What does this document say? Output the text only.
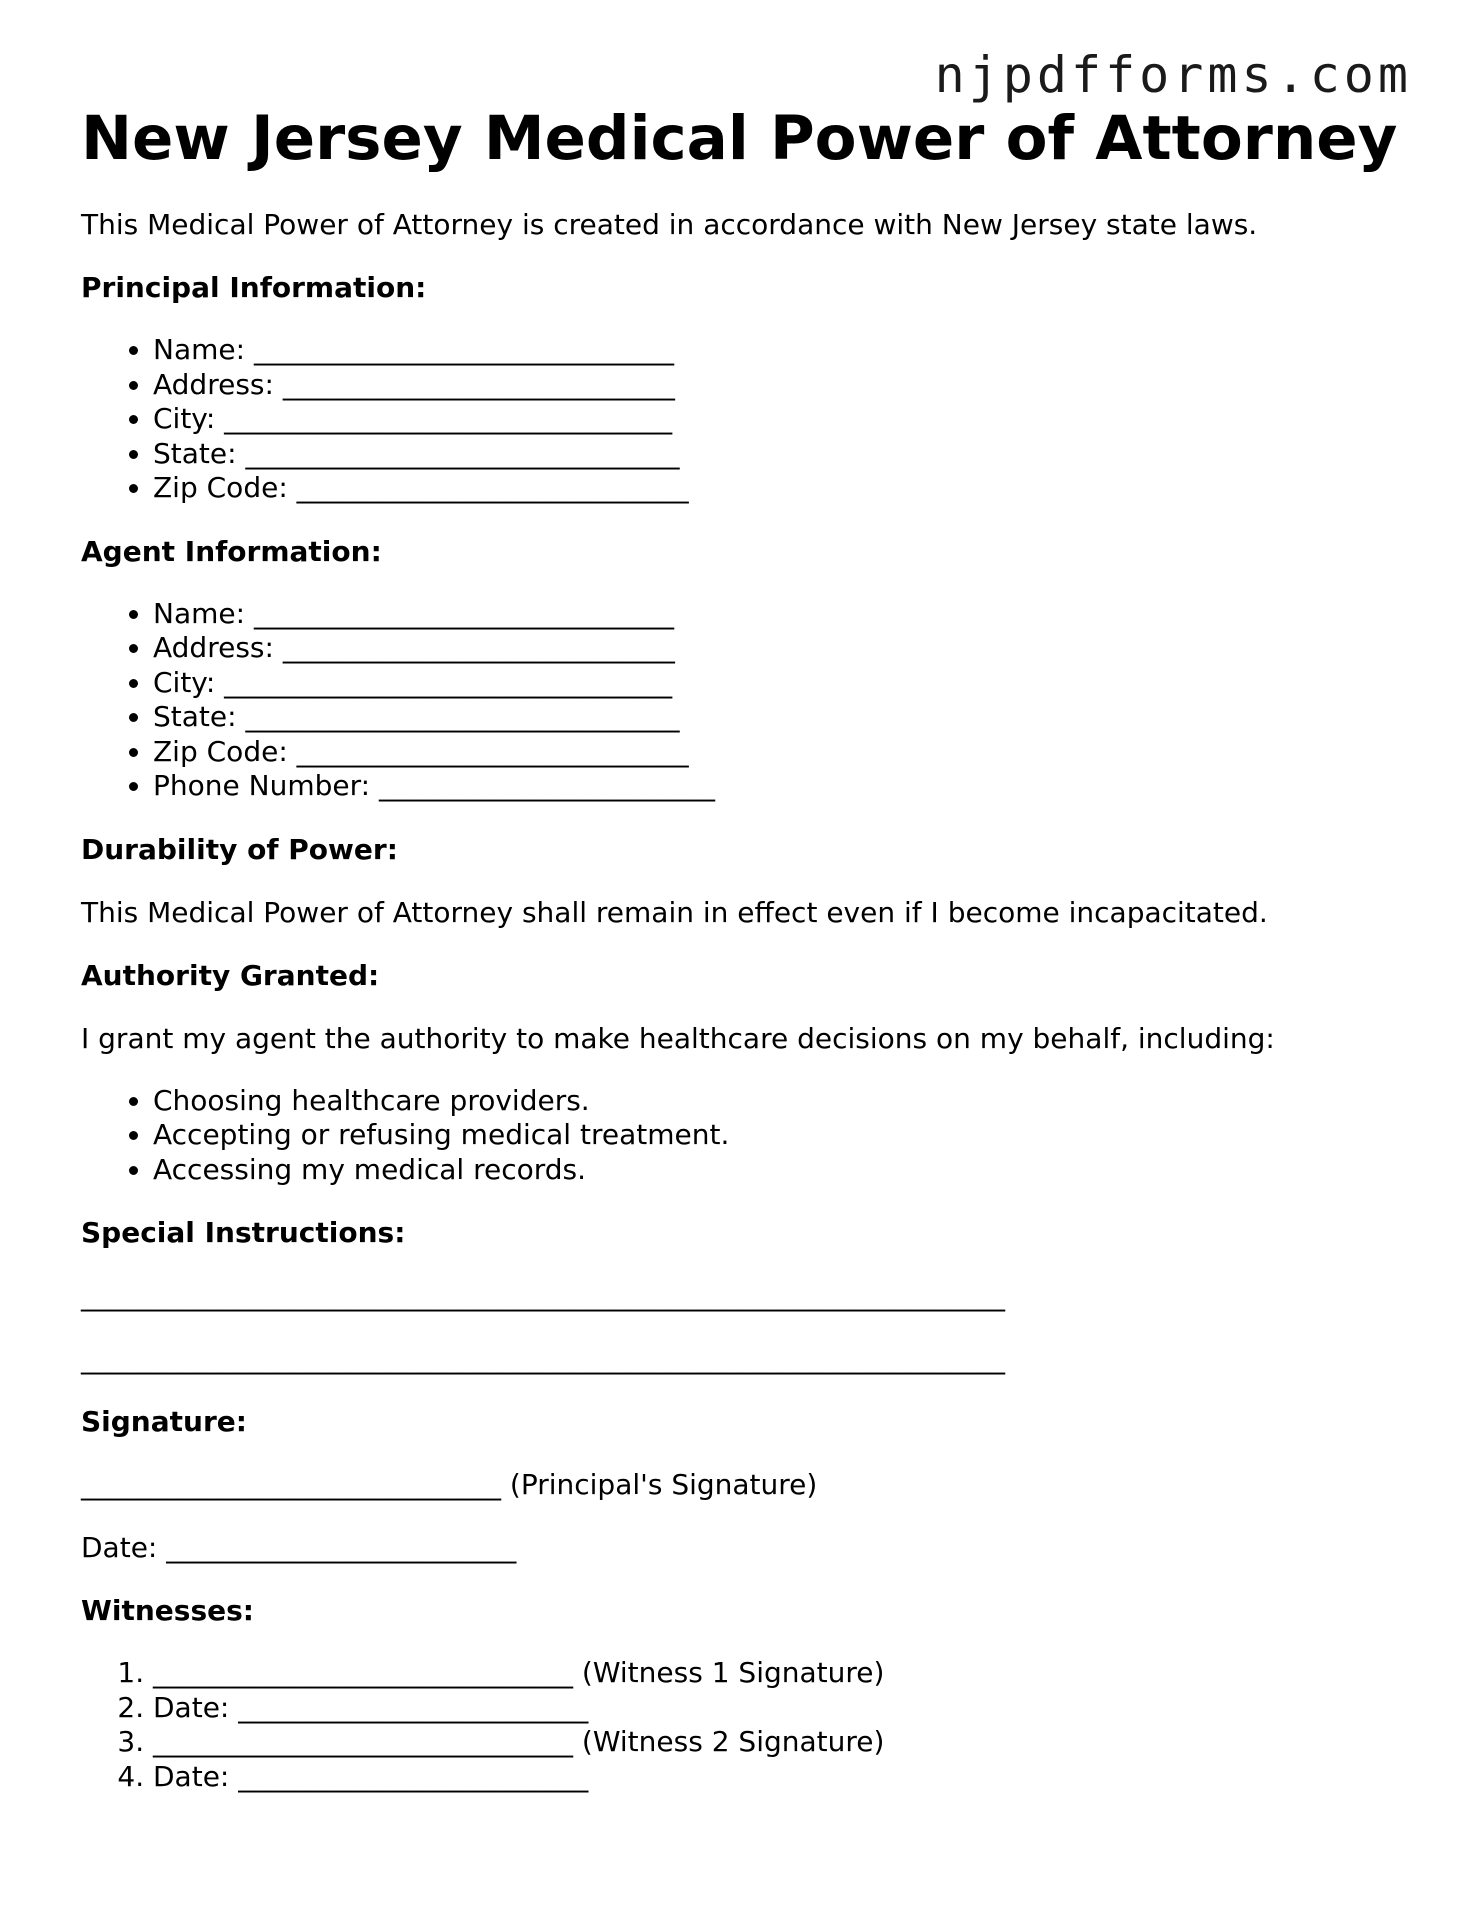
njpdfforms.com
New Jersey Medical Power of Attorney

This Medical Power of Attorney is created in accordance with New Jersey state laws.

Principal Information:

• Name: ______________________________
• Address: ____________________________
• City: ________________________________
• State: _______________________________
• Zip Code: ____________________________

Agent Information:

• Name: ______________________________
• Address: ____________________________
• City: ________________________________
• State: _______________________________
• Zip Code: ____________________________
• Phone Number: ________________________

Durability of Power:

This Medical Power of Attorney shall remain in effect even if I become incapacitated.

Authority Granted:

I grant my agent the authority to make healthcare decisions on my behalf, including:

• Choosing healthcare providers.
• Accepting or refusing medical treatment.
• Accessing my medical records.

Special Instructions:

__________________________________________________________________

__________________________________________________________________

Signature:

______________________________ (Principal's Signature)

Date: _________________________

Witnesses:

1. ______________________________ (Witness 1 Signature)
2. Date: _________________________
3. ______________________________ (Witness 2 Signature)
4. Date: _________________________
